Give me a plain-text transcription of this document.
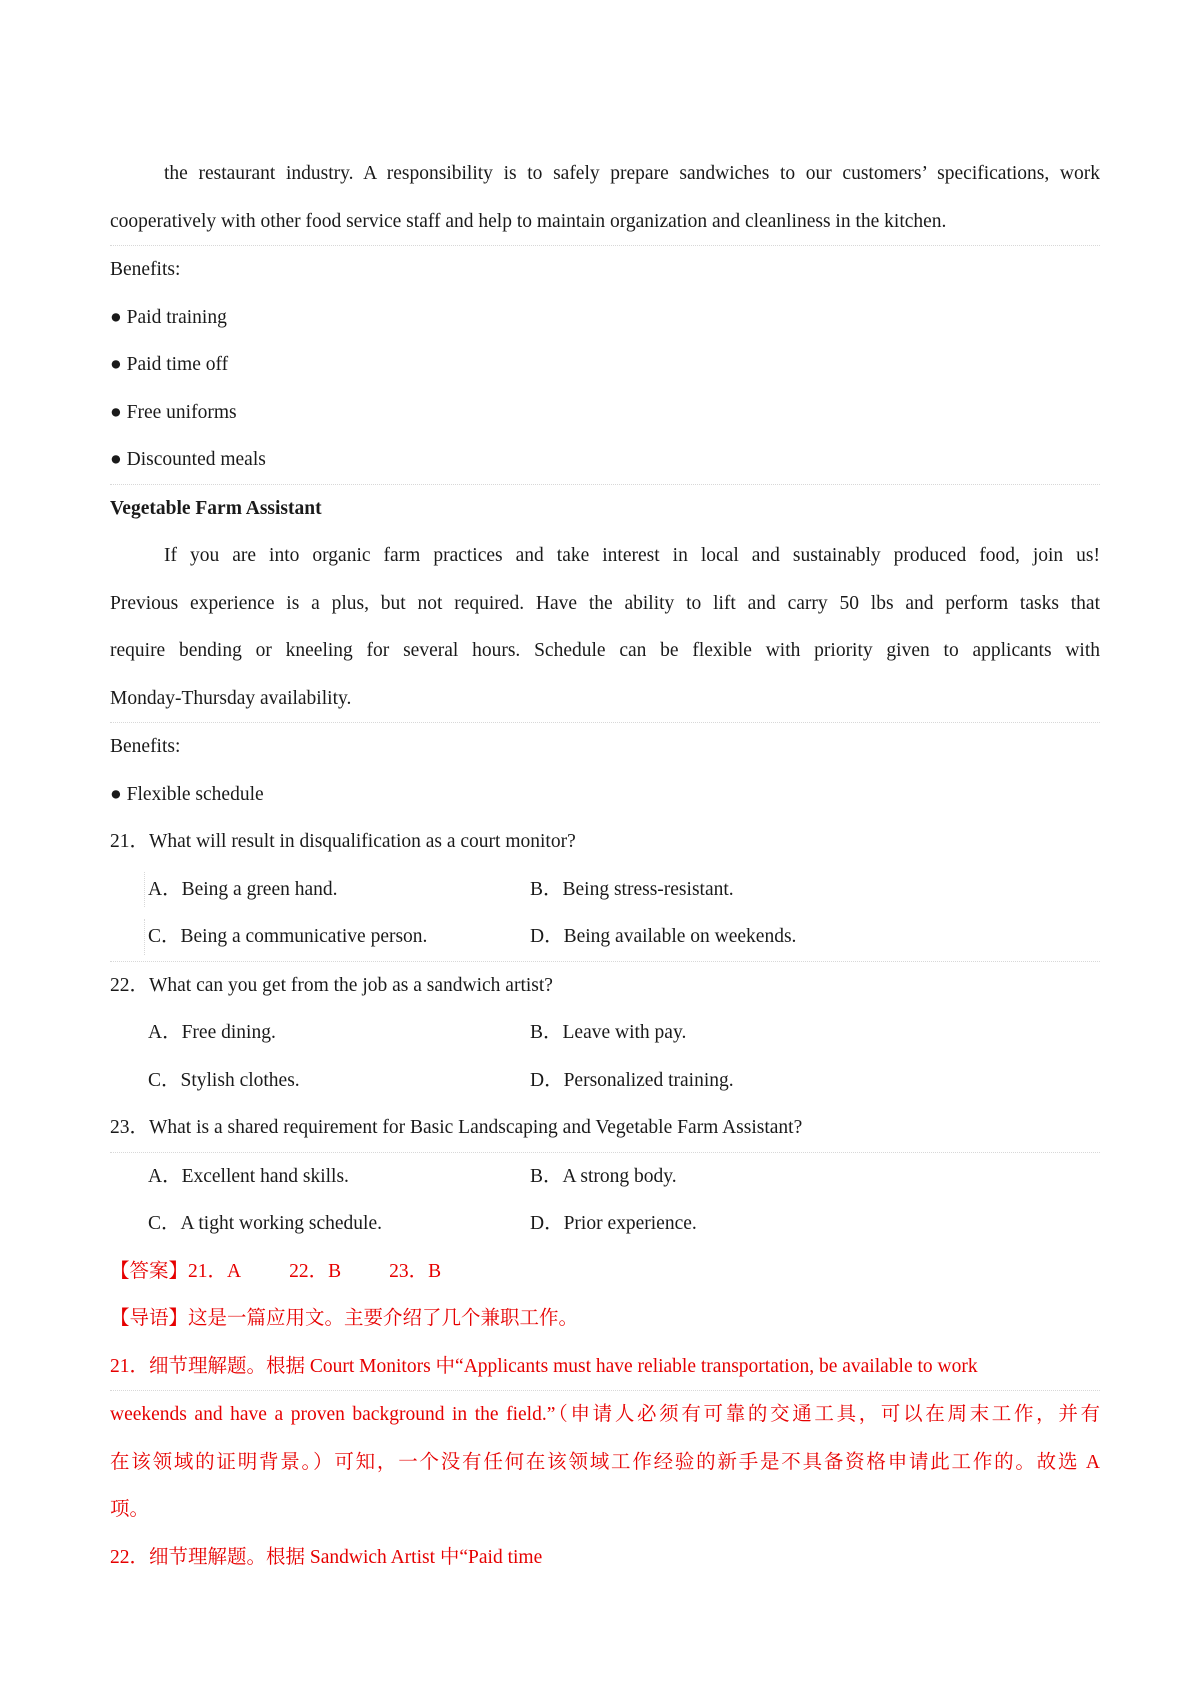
the restaurant industry. A responsibility is to safely prepare sandwiches to our customers’ specifications, work
cooperatively with other food service staff and help to maintain organization and cleanliness in the kitchen.
Benefits:
● Paid training
● Paid time off
● Free uniforms
● Discounted meals
Vegetable Farm Assistant
If you are into organic farm practices and take interest in local and sustainably produced food, join us!
Previous experience is a plus, but not required. Have the ability to lift and carry 50 lbs and perform tasks that
require bending or kneeling for several hours. Schedule can be flexible with priority given to applicants with
Monday-Thursday availability.
Benefits:
● Flexible schedule
21．What will result in disqualification as a court monitor?
A．Being a green hand.	B．Being stress-resistant.
C．Being a communicative person.	D．Being available on weekends.
22．What can you get from the job as a sandwich artist?
A．Free dining.	B．Leave with pay.
C．Stylish clothes.	D．Personalized training.
23．What is a shared requirement for Basic Landscaping and Vegetable Farm Assistant?
A．Excellent hand skills.	B．A strong body.
C．A tight working schedule.	D．Prior experience.
【答案】21．A 22．B 23．B
【导语】这是一篇应用文。主要介绍了几个兼职工作。
21．细节理解题。根据 Court Monitors 中“Applicants must have reliable transportation, be available to work
weekends and have a proven background in the field.”（申请人必须有可靠的交通工具，可以在周末工作，并有
在该领域的证明背景。）可知，一个没有任何在该领域工作经验的新手是不具备资格申请此工作的。故选 A
项。
22．细节理解题。根据 Sandwich Artist 中“Paid time
